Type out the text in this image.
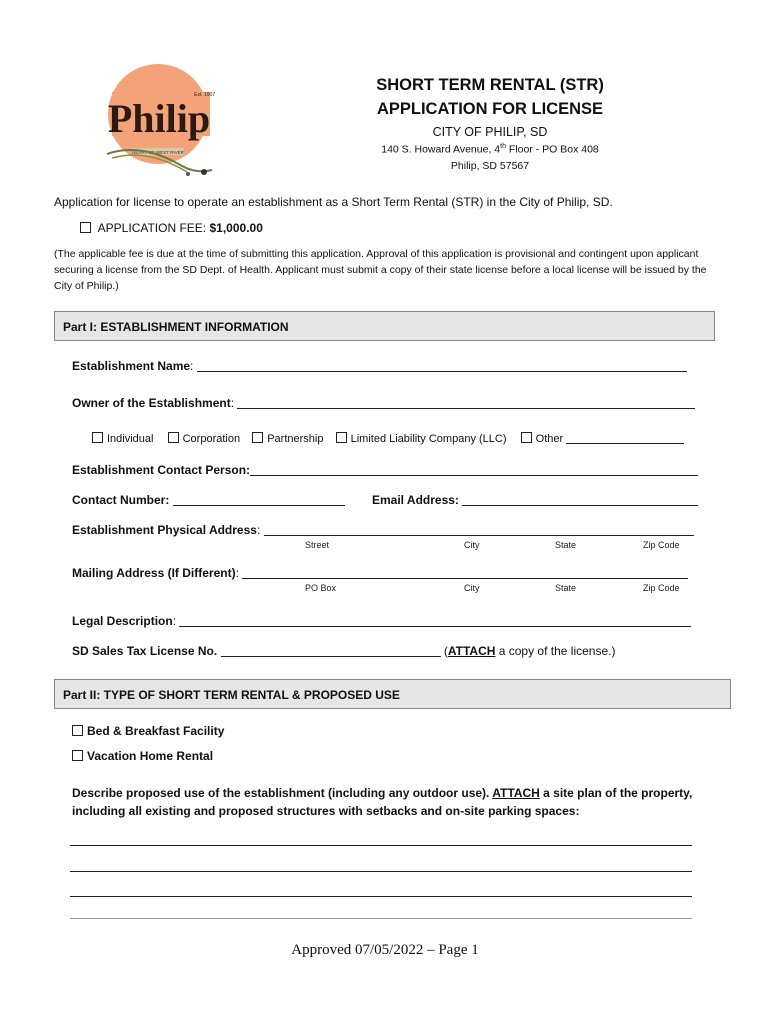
Philip
Est. 1907
HEART OF WEST RIVER
SHORT TERM RENTAL (STR)
APPLICATION FOR LICENSE
CITY OF PHILIP, SD
140 S. Howard Avenue, 4th Floor - PO Box 408
Philip, SD 57567
Application for license to operate an establishment as a Short Term Rental (STR) in the City of Philip, SD.
APPLICATION FEE: $1,000.00
(The applicable fee is due at the time of submitting this application. Approval of this application is provisional and contingent upon applicant securing a license from the SD Dept. of Health. Applicant must submit a copy of their state license before a local license will be issued by the City of Philip.)
Part I: ESTABLISHMENT INFORMATION
Establishment Name:
Owner of the Establishment:
Individual	Corporation Partnership Limited Liability Company (LLC)	Other
Establishment Contact Person:
Contact Number:	Email Address:
Establishment Physical Address:
Street	City	State	Zip Code
Mailing Address (If Different):
PO Box	City	State	Zip Code
Legal Description:
SD Sales Tax License No.	(ATTACH a copy of the license.)
Part II: TYPE OF SHORT TERM RENTAL & PROPOSED USE
Bed & Breakfast Facility
Vacation Home Rental
Describe proposed use of the establishment (including any outdoor use). ATTACH a site plan of the property, including all existing and proposed structures with setbacks and on-site parking spaces:
Approved 07/05/2022 – Page 1
